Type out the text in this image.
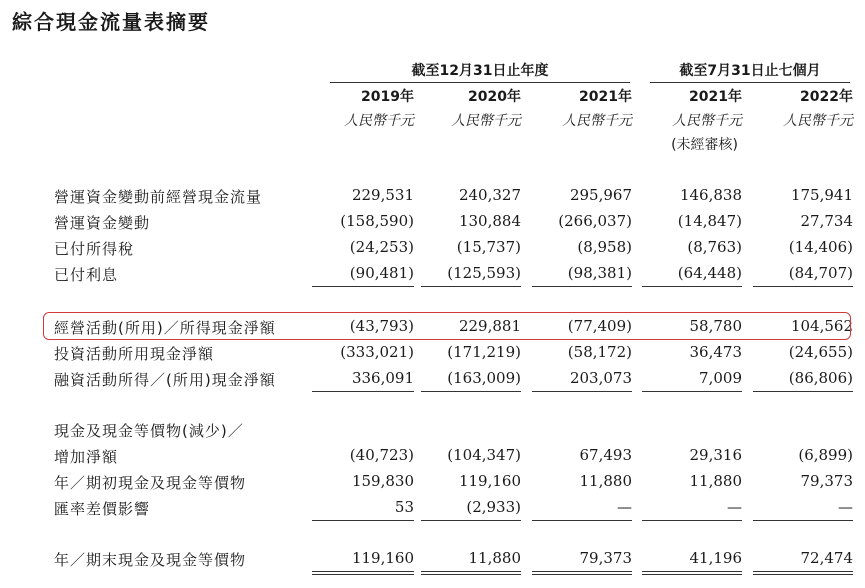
綜合現金流量表摘要
截至12月31日止年度	截至7月31日止七個月
2019年	2020年	2021年	2021年	2022年
人民幣千元	人民幣千元	人民幣千元	人民幣千元	人民幣千元
(未經審核)
營運資金變動前經營現金流量	229,531	240,327	295,967	146,838	175,941
營運資金變動	(158,590)	130,884	(266,037)	(14,847)	27,734
已付所得稅	(24,253)	(15,737)	(8,958)	(8,763)	(14,406)
已付利息	(90,481)	(125,593)	(98,381)	(64,448)	(84,707)
經營活動(所用)／所得現金淨額	(43,793)	229,881	(77,409)	58,780	104,562
投資活動所用現金淨額	(333,021)	(171,219)	(58,172)	36,473	(24,655)
融資活動所得／(所用)現金淨額	336,091	(163,009)	203,073	7,009	(86,806)
現金及現金等價物(減少)／
增加淨額	(40,723)	(104,347)	67,493	29,316	(6,899)
年／期初現金及現金等價物	159,830	119,160	11,880	11,880	79,373
匯率差價影響	53	(2,933)	—	—	—
年／期末現金及現金等價物	119,160	11,880	79,373	41,196	72,474
